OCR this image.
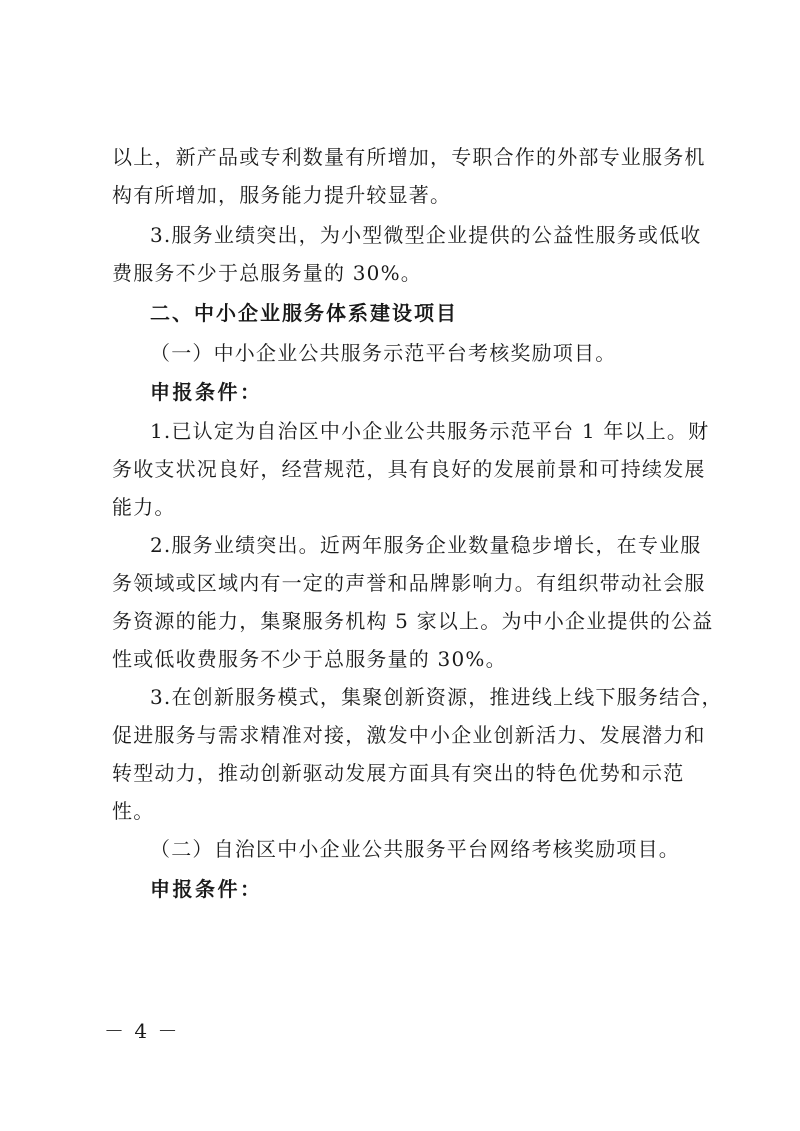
以上，新产品或专利数量有所增加，专职合作的外部专业服务机
构有所增加，服务能力提升较显著。
3.服务业绩突出，为小型微型企业提供的公益性服务或低收
费服务不少于总服务量的 30%。
二、中小企业服务体系建设项目
（一）中小企业公共服务示范平台考核奖励项目。
申报条件：
1.已认定为自治区中小企业公共服务示范平台 1 年以上。财
务收支状况良好，经营规范，具有良好的发展前景和可持续发展
能力。
2.服务业绩突出。近两年服务企业数量稳步增长，在专业服
务领域或区域内有一定的声誉和品牌影响力。有组织带动社会服
务资源的能力，集聚服务机构 5 家以上。为中小企业提供的公益
性或低收费服务不少于总服务量的 30%。
3.在创新服务模式，集聚创新资源，推进线上线下服务结合，
促进服务与需求精准对接，激发中小企业创新活力、发展潜力和
转型动力，推动创新驱动发展方面具有突出的特色优势和示范
性。
（二）自治区中小企业公共服务平台网络考核奖励项目。
申报条件：
－ 4 －
